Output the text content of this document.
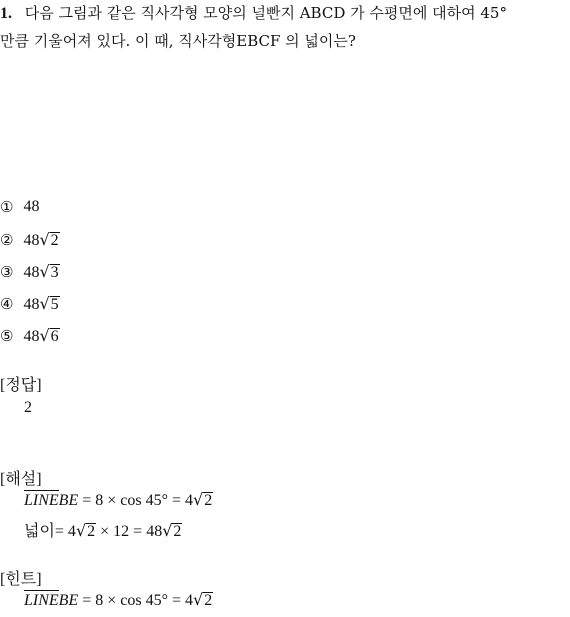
1. 다음 그림과 같은 직사각형 모양의 널빤지 ABCD 가 수평면에 대하여 45°
만큼 기울어져 있다. 이 때, 직사각형EBCF 의 넓이는?
① 48
② 48 √ 2
③ 48 √ 3
④ 48 √ 5
⑤ 48 √ 6
[정답]
2
[해설]
LINEBE = 8 × cos 45° = 4 √ 2
넓이= 4 √ 2 × 12 = 48 √ 2
[힌트]
LINEBE = 8 × cos 45° = 4 √ 2
